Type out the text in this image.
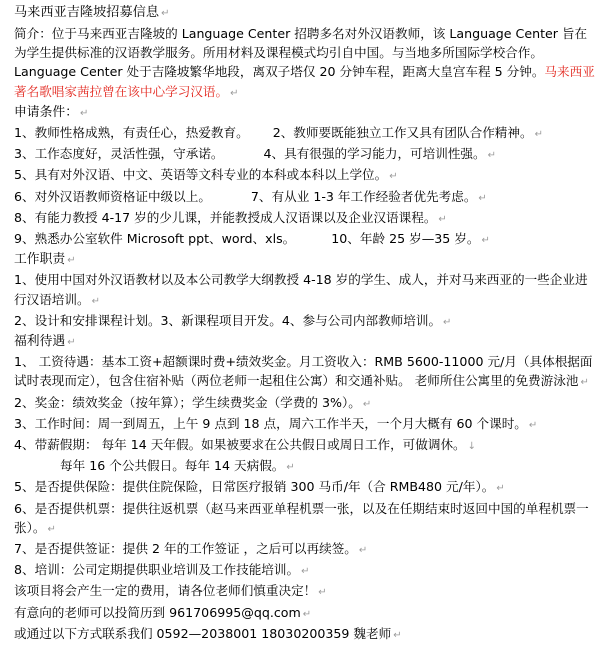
马来西亚吉隆坡招募信息 ↵
简介：位于马来西亚吉隆坡的 Language Center 招聘多名对外汉语教师，该 Language Center 旨在为学生提供标准的汉语教学服务。所用材料及课程模式均引自中国。与当地多所国际学校合作。Language Center 处于吉隆坡繁华地段，离双子塔仅 20 分钟车程，距离大皇宫车程 5 分钟。马来西亚著名歌唱家茜拉曾在该中心学习汉语。 ↵
申请条件： ↵
1、教师性格成熟，有责任心，热爱教育。 2、教师要既能独立工作又具有团队合作精神。 ↵
3、工作态度好，灵活性强，守承诺。	4、具有很强的学习能力，可培训性强。 ↵
5、具有对外汉语、中文、英语等文科专业的本科或本科以上学位。 ↵
6、对外汉语教师资格证中级以上。	7、有从业 1-3 年工作经验者优先考虑。 ↵
8、有能力教授 4-17 岁的少儿课，并能教授成人汉语课以及企业汉语课程。 ↵
9、熟悉办公室软件 Microsoft ppt、word、xls。	10、年龄 25 岁—35 岁。 ↵
工作职责 ↵
1、使用中国对外汉语教材以及本公司教学大纲教授 4-18 岁的学生、成人，并对马来西亚的一些企业进行汉语培训。 ↵
2、设计和安排课程计划。3、新课程项目开发。4、参与公司内部教师培训。 ↵
福利待遇 ↵
1、 工资待遇：基本工资+超额课时费+绩效奖金。月工资收入：RMB 5600-11000 元/月（具体根据面试时表现而定），包含住宿补贴（两位老师一起租住公寓）和交通补贴。 老师所住公寓里的免费游泳池 ↵
2、奖金：绩效奖金（按年算）；学生续费奖金（学费的 3%）。 ↵
3、工作时间：周一到周五，上午 9 点到 18 点，周六工作半天，一个月大概有 60 个课时。 ↵
4、带薪假期： 每年 14 天年假。如果被要求在公共假日或周日工作，可做调休。 ↓
每年 16 个公共假日。每年 14 天病假。 ↵
5、是否提供保险：提供住院保险，日常医疗报销 300 马币/年（合 RMB480 元/年）。 ↵
6、是否提供机票：提供往返机票（赵马来西亚单程机票一张，以及在任期结束时返回中国的单程机票一张）。 ↵
7、是否提供签证：提供 2 年的工作签证 ，之后可以再续签。 ↵
8、培训：公司定期提供职业培训及工作技能培训。 ↵
该项目将会产生一定的费用，请各位老师们慎重决定！ ↵
有意向的老师可以投简历到 961706995@qq.com ↵
或通过以下方式联系我们 0592—2038001 18030200359 魏老师 ↵
